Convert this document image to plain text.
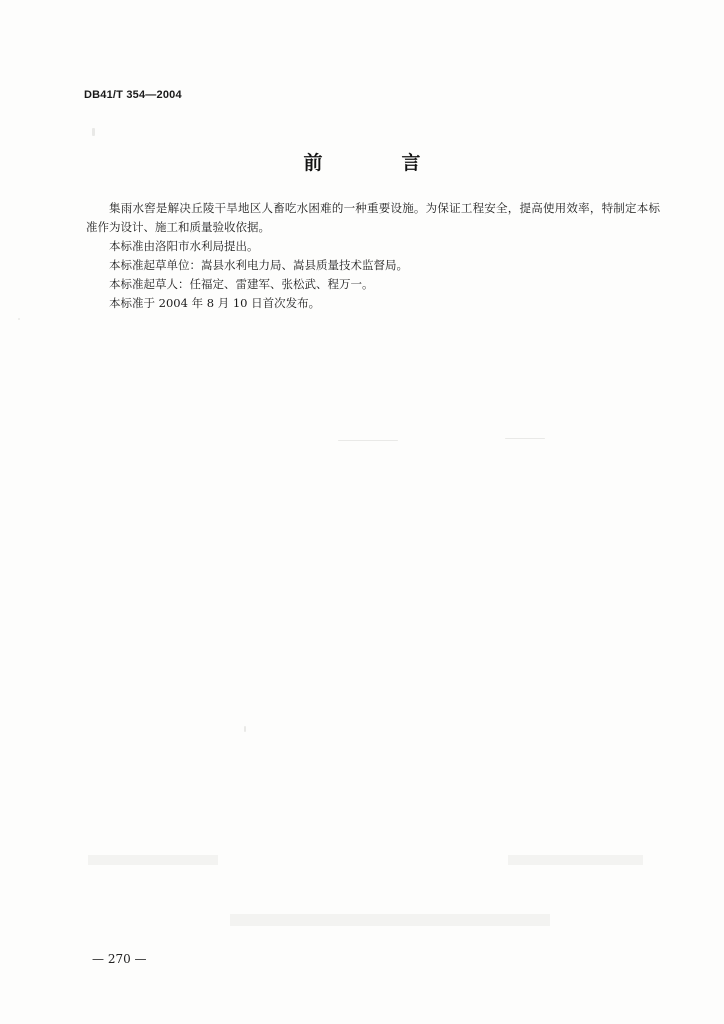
DB41/T 354—2004
前　言

集雨水窖是解决丘陵干旱地区人畜吃水困难的一种重要设施。为保证工程安全，提高使用效率，特制定本标准作为设计、施工和质量验收依据。

本标准由洛阳市水利局提出。

本标准起草单位：嵩县水利电力局、嵩县质量技术监督局。

本标准起草人：任福定、雷建军、张松武、程万一。

本标准于 2004 年 8 月 10 日首次发布。

— 270 —
